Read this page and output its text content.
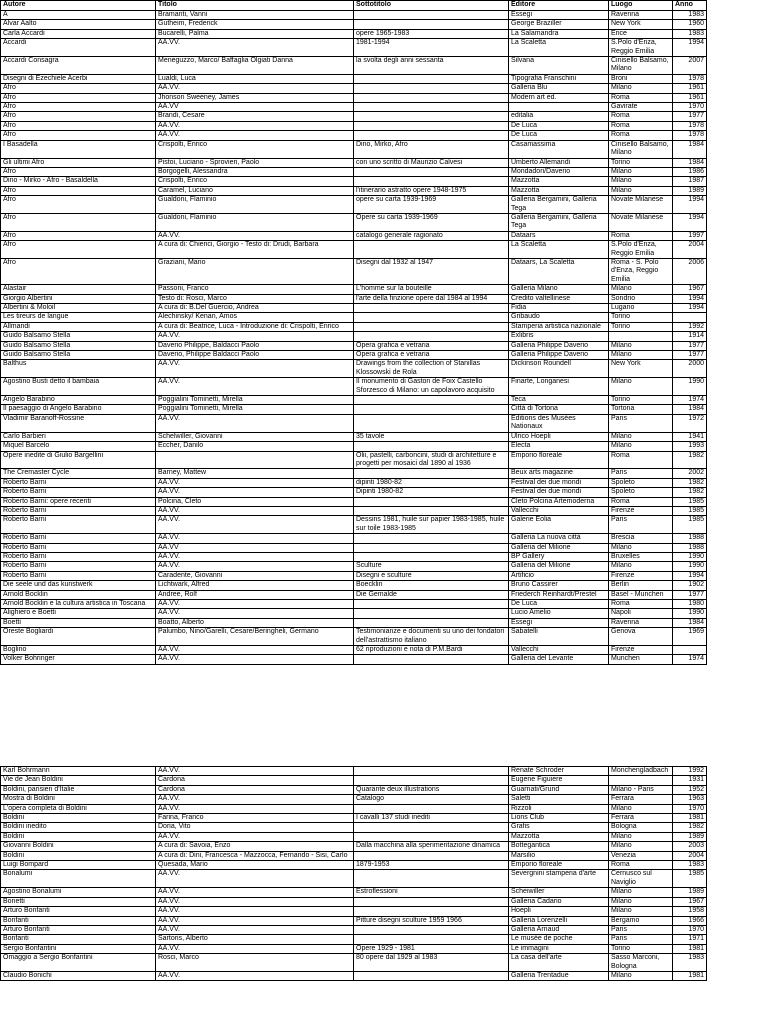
Autore	Titolo	Sottotitolo	Editore	Luogo	Anno
A	Bramanti, Vanni		Essegi	Ravenna	1983
Alvar Aalto	Gutheim, Frederick		George Braziller	New York	1960
Carla Accardi	Bucarelli, Palma	opere 1965-1983	La Salamandra	Erice	1983
Accardi	AA.VV.	1981-1994	La Scaletta	S.Polo d'Enza, Reggio Emilia	1994
Accardi Consagra	Meneguzzo, Marco/ Baffaglia Olgiati Danna	la svolta degli anni sessanta	Silvana	Cinisello Balsamo, Milano	2007
Disegni di Ezechiele Acerbi	Lualdi, Luca		Tipografia Franschini	Broni	1978
Afro	AA.VV.		Galleria Blu	Milano	1961
Afro	Jhonson Sweeney, James		Modern art ed.	Roma	1961
Afro	AA.VV			Gavirate	1970
Afro	Brandi, Cesare		editalia	Roma	1977
Afro	AA.VV.		De Luca	Roma	1978
Afro	AA.VV.		De Luca	Roma	1978
I Basadella	Crispolti, Enrico	Dino, Mirko, Afro	Casamassima	Cinisello Balsamo, Milano	1984
Gli ultimi Afro	Pistoi, Luciano - Sprovieri, Paolo	con uno scritto di Maurizio Calvesi	Umberto Allemandi	Torino	1984
Afro	Borgogelli, Alessandra		Mondadori/Daverio	Milano	1986
Dino - Mirko - Afro - Basaldella	Crispolti, Enrico		Mazzotta	Milano	1987
Afro	Caramel, Luciano	l'itinerario astratto opere 1948-1975	Mazzotta	Milano	1989
Afro	Gualdoni, Flaminio	opere su carta 1939-1969	Galleria Bergamini, Galleria Tega	Novate Milanese	1994
Afro	Gualdoni, Flaminio	Opere su carta 1939-1969	Galleria Bergamini, Galleria Tega	Novate Milanese	1994
Afro	AA.VV.	catalogo generale ragionato	Dataars	Roma	1997
Afro	A cura di: Chierici, Giorgio - Testo di: Drudi, Barbara		La Scaletta	S.Polo d'Enza, Reggio Emilia	2004
Afro	Graziani, Mario	Disegni dal 1932 al 1947	Dataars, La Scaletta	Roma - S. Polo d'Enza, Reggio Emilia	2006
Alastair	Passoni, Franco	L'homme sur la bouteille	Galleria Milano	Milano	1967
Giorgio Albertini	Testo di: Rosci, Marco	l'arte della finzione opere dal 1984 al 1994	Credito valtellinese	Sondrio	1994
Albertini & Moloil	A cura di: B.Del Guercio, Andrea		Fidia	Lugano	1994
Les tireurs de langue	Alechinsky/ Kenan, Amos		Gribaudo	Torino	
Allmandi	A cura di: Beatrice, Luca - Introduzione di: Crispolti, Enrico		Stamperia artistica nazionale	Torino	1992
Guido Balsamo Stella	AA.VV.		Exlibris		1914
Guido Balsamo Stella	Daverio Philippe, Baldacci Paolo	Opera grafica e vetraria	Galleria Philippe Daverio	Milano	1977
Guido Balsamo Stella	Daverio, Philippe Baldacci Paolo	Opera grafica e vetraria	Galleria Philippe Daverio	Milano	1977
Balthus	AA.VV.	Drawings from the collection of Stanillas Klossowski de Rola	Dickinson Roundell	New York	2000
Agostino Busti detto il bambaia	AA.VV.	Il monumento di Gaston de Foix Castello Sforzesco di Milano: un capolavoro acquisito	Finarte, Longanesi	Milano	1990
Angelo Barabino	Poggialini Tominetti, Mirella		Teca	Torino	1974
Il paesaggio di Angelo Barabino	Poggialini Tominetti, Mirella		Città di Tortona	Tortona	1984
Vladimir Baranoff-Rossine	AA.VV.		Editions des Musées Nationaux	Paris	1972
Carlo Barbieri	Schelwiller, Giovanni	35 tavole	Ulrico Hoepli	Milano	1941
Miquel Barcelo	Eccher, Danilo		Electa	Milano	1993
Opere inedite di Giulio Bargellini		Olii, pastelli, carboncini, studi di architetture e progetti per mosaici dal 1890 al 1936	Emporio floreale	Roma	1982
The Cremaster Cycle	Barney, Mattew		Beux arts magazine	Paris	2002
Roberto Barni	AA.VV.	dipinti 1980-82	Festival dei due mondi	Spoleto	1982
Roberto Barni	AA.VV.	Dipinti 1980-82	Festival dei due mondi	Spoleto	1982
Roberto Barni: opere recenti	Polcina, Cleto		Cleto Polcina Artemoderna	Roma	1985
Roberto Barni	AA.VV.		Vallecchi	Firenze	1985
Roberto Barni	AA.VV.	Dessins 1981, huile sur papier 1983-1985, huile sur toile 1983-1985	Galerie Eolia	Paris	1985
Roberto Barni	AA.VV.		Galleria La nuova città	Brescia	1988
Roberto Barni	AA.VV		Galleria del Milione	Milano	1988
Roberto Barni	AA.VV.		BP Gallery	Bruxelles	1990
Roberto Barni	AA.VV.	Sculture	Galleria del Milione	Milano	1990
Roberto Barni	Caradente, Giovanni	Disegni e sculture	Artificio	Firenze	1994
Die seele und das kunstwerk	Lichtwark, Alfred	Boecklin	Bruno Cassirer	Berlin	1902
Arnold Bocklin	Andree, Rolf	Die Gemalde	Friederch Reinhardt/Prestel	Basel - Munchen	1977
Arnold Bocklin e la cultura artistica in Toscana	AA.VV.		De Luca	Roma	1980
Alighiero e Boetti	AA.VV.		Lucio Amelio	Napoli	1990
Boetti	Boatto, Alberto		Essegi	Ravenna	1984
Oreste Bogliardi	Palumbo, Nino/Garelli, Cesare/Beringheli, Germano	Testimonianze e documenti su uno dei fondatori dell'astrattismo italiano	Sabatelli	Genova	1969
Boglino	AA.VV.	62 riproduzioni e nota di P.M.Bardi	Vallecchi	Firenze	
Volker Bohringer	AA.VV.		Galleria del Levante	Munchen	1974
Karl Bohrmann	AA.VV.		Renate Schroder	Monchengladbach	1992
Vie de Jean Boldini	Cardona		Eugene Figuiere		1931
Boldini, parisien d'Italie	Cardona	Quarante deux illustrations	Guarnati/Grund	Milano - Paris	1952
Mostra di Boldini	AA.VV.	Catalogo	Saletti	Ferrara	1963
L'opera completa di Boldini	AA.VV.		Rizzoli	Milano	1970
Boldini	Farina, Franco	I cavalli 137 studi inediti	Lions Club	Ferrara	1981
Boldini inedito	Doria, Vito		Grafis	Bologna	1982
Boldini	AA.VV.		Mazzotta	Milano	1989
Giovanni Boldini	A cura di: Savoia, Enzo	Dalla macchina alla sperimentazione dinamica	Bottegantica	Milano	2003
Boldini	A cura di: Dini, Francesca - Mazzocca, Fernando - Sisi, Carlo		Marsilio	Venezia	2004
Luigi Bompard	Quesada, Mario	1879-1953	Emporio floreale	Roma	1983
Bonalumi	AA.VV.		Severgnini stamperia d'arte	Cernusco sul Naviglio	1985
Agostino Bonalumi	AA.VV.	Estroflessioni	Scheiwiller	Milano	1989
Bonetti	AA.VV.		Galleria Cadario	Milano	1967
Arturo Bonfanti	AA.VV.		Hoepli	Milano	1958
Bonfanti	AA.VV.	Pitture disegni sculture 1959 1966	Galleria Lorenzelli	Bergamo	1966
Arturo Bonfanti	AA.VV.		Galleria Arnaud	Paris	1970
Bonfanti	Sartoris, Alberto		Le musée de poche	Paris	1971
Sergio Bonfantini	AA.VV.	Opere 1929 - 1981	Le immagini	Torino	1981
Omaggio a Sergio Bonfantini	Rosci, Marco	80 opere dal 1929 al 1983	La casa dell'arte	Sasso Marconi, Bologna	1983
Claudio Bonichi	AA.VV.		Galleria Trentadue	Milano	1981
